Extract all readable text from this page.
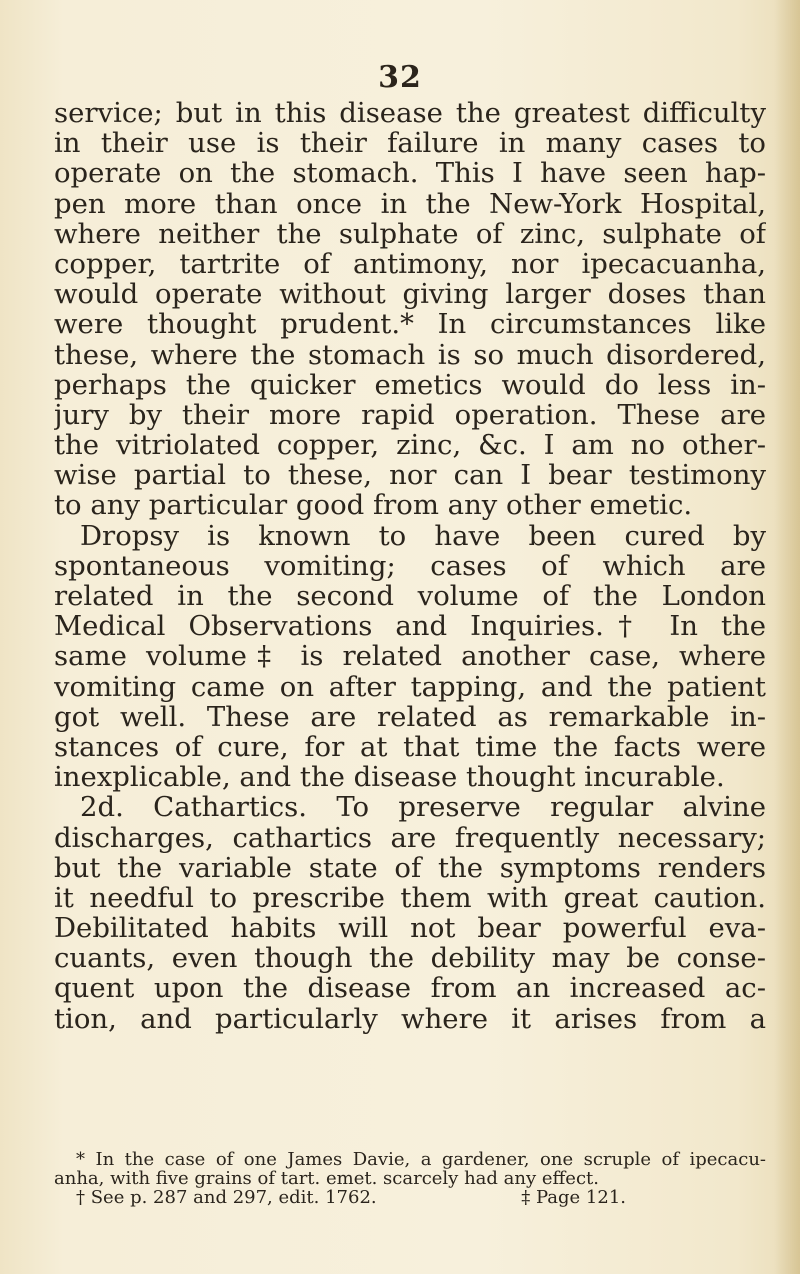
32
service; but in this disease the greatest difficulty
in their use is their failure in many cases to
operate on the stomach. This I have seen hap-
pen more than once in the New-York Hospital,
where neither the sulphate of zinc, sulphate of
copper, tartrite of antimony, nor ipecacuanha,
would operate without giving larger doses than
were thought prudent.* In circumstances like
these, where the stomach is so much disordered,
perhaps the quicker emetics would do less in-
jury by their more rapid operation. These are
the vitriolated copper, zinc, &c. I am no other-
wise partial to these, nor can I bear testimony
to any particular good from any other emetic.
Dropsy is known to have been cured by
spontaneous vomiting; cases of which are
related in the second volume of the London
Medical Observations and Inquiries.† In the
same volume‡ is related another case, where
vomiting came on after tapping, and the patient
got well. These are related as remarkable in-
stances of cure, for at that time the facts were
inexplicable, and the disease thought incurable.
2d. Cathartics. To preserve regular alvine
discharges, cathartics are frequently necessary;
but the variable state of the symptoms renders
it needful to prescribe them with great caution.
Debilitated habits will not bear powerful eva-
cuants, even though the debility may be conse-
quent upon the disease from an increased ac-
tion, and particularly where it arises from a
* In the case of one James Davie, a gardener, one scruple of ipecacu-
anha, with five grains of tart. emet. scarcely had any effect.
† See p. 287 and 297, edit. 1762.	‡ Page 121.
